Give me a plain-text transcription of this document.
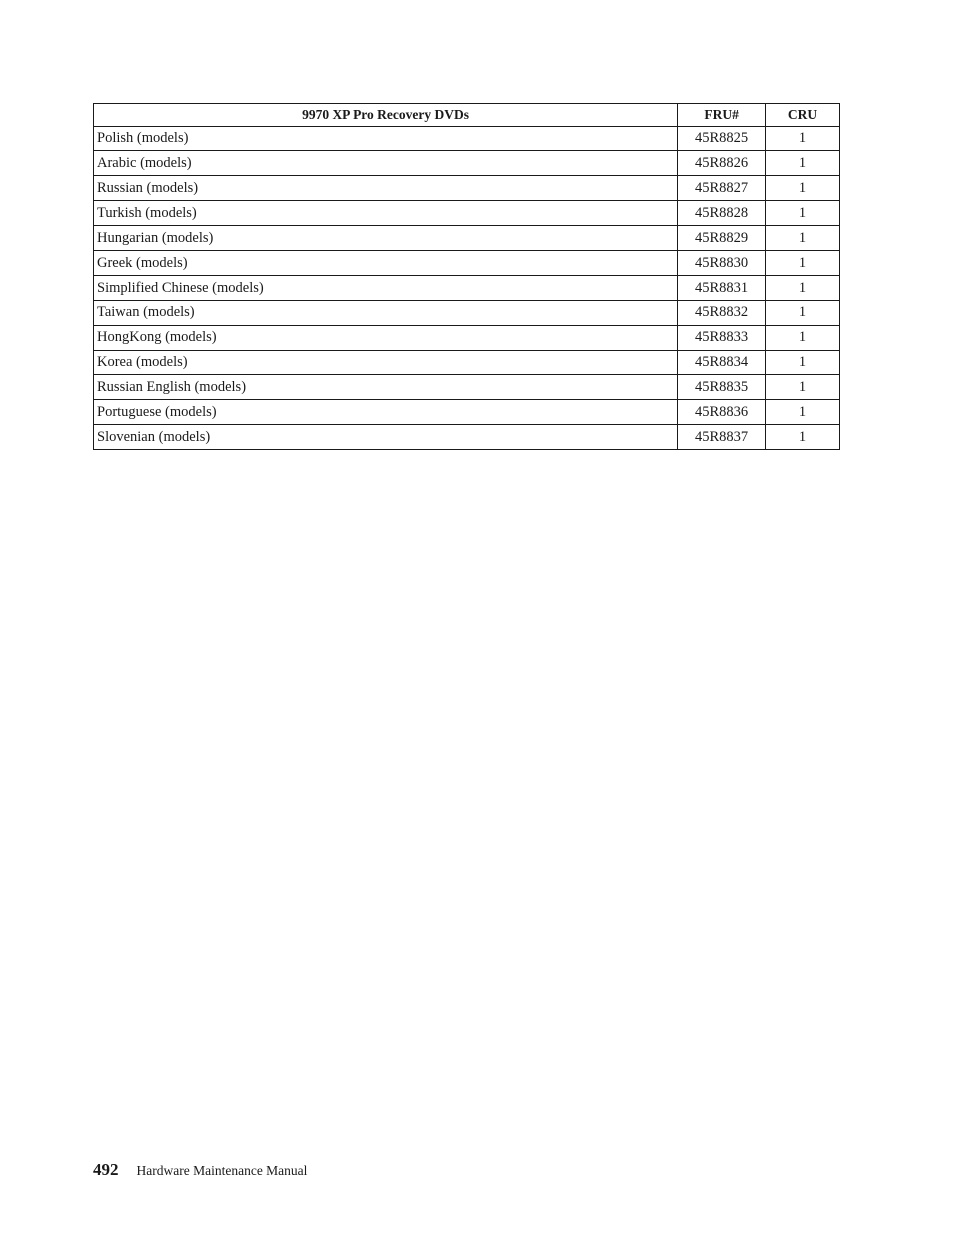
9970 XP Pro Recovery DVDs	FRU#	CRU
Polish (models)	45R8825	1
Arabic (models)	45R8826	1
Russian (models)	45R8827	1
Turkish (models)	45R8828	1
Hungarian (models)	45R8829	1
Greek (models)	45R8830	1
Simplified Chinese (models)	45R8831	1
Taiwan (models)	45R8832	1
HongKong (models)	45R8833	1
Korea (models)	45R8834	1
Russian English (models)	45R8835	1
Portuguese (models)	45R8836	1
Slovenian (models)	45R8837	1
492 Hardware Maintenance Manual
